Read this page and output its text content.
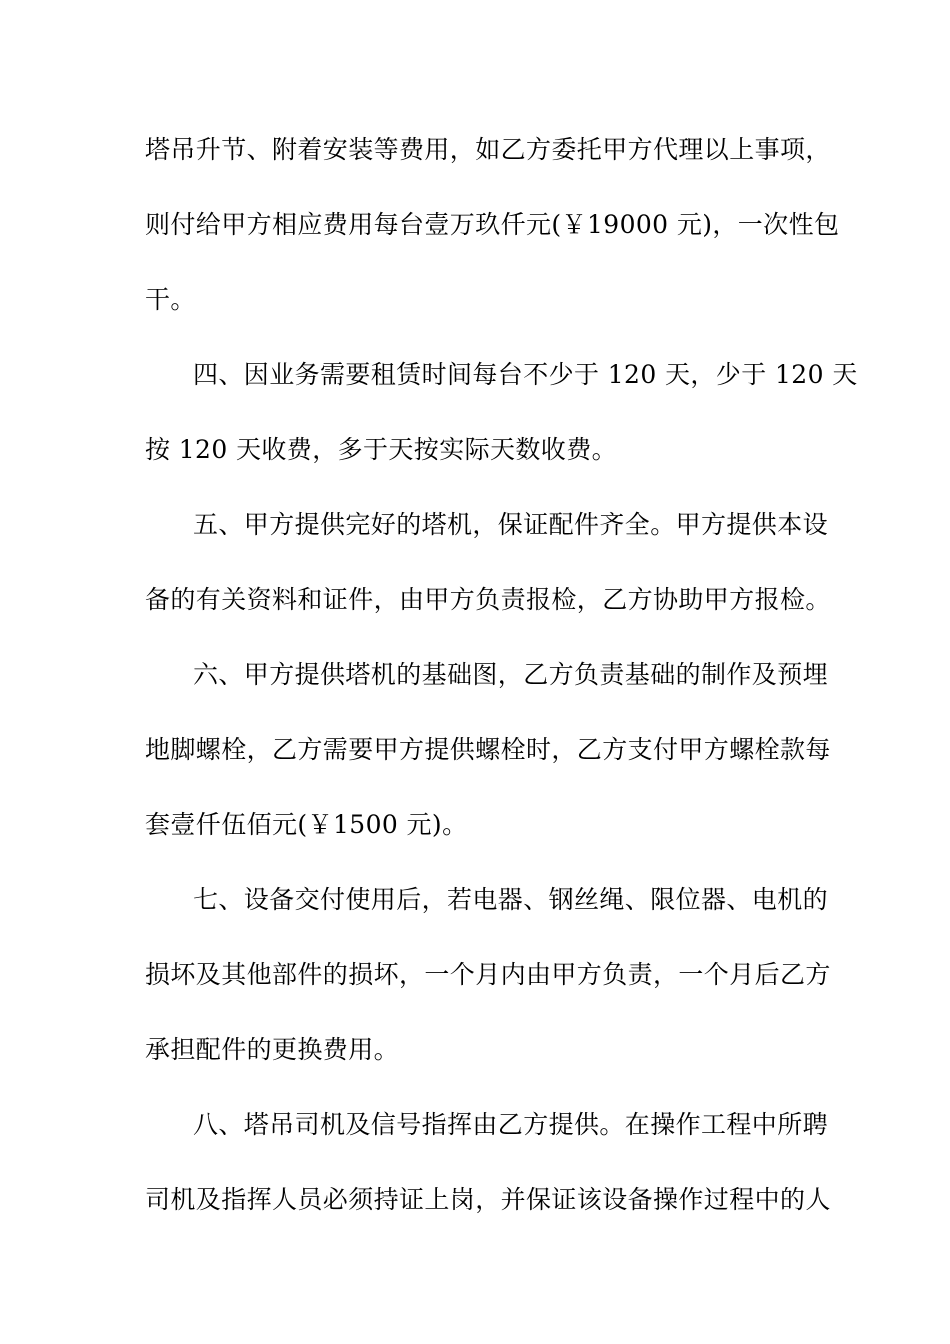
塔吊升节、附着安装等费用，如乙方委托甲方代理以上事项，
则付给甲方相应费用每台壹万玖仟元(￥19000 元)，一次性包
干。
四、因业务需要租赁时间每台不少于 120 天，少于 120 天
按 120 天收费，多于天按实际天数收费。
五、甲方提供完好的塔机，保证配件齐全。甲方提供本设
备的有关资料和证件，由甲方负责报检，乙方协助甲方报检。
六、甲方提供塔机的基础图，乙方负责基础的制作及预埋
地脚螺栓，乙方需要甲方提供螺栓时，乙方支付甲方螺栓款每
套壹仟伍佰元(￥1500 元)。
七、设备交付使用后，若电器、钢丝绳、限位器、电机的
损坏及其他部件的损坏，一个月内由甲方负责，一个月后乙方
承担配件的更换费用。
八、塔吊司机及信号指挥由乙方提供。在操作工程中所聘
司机及指挥人员必须持证上岗，并保证该设备操作过程中的人
